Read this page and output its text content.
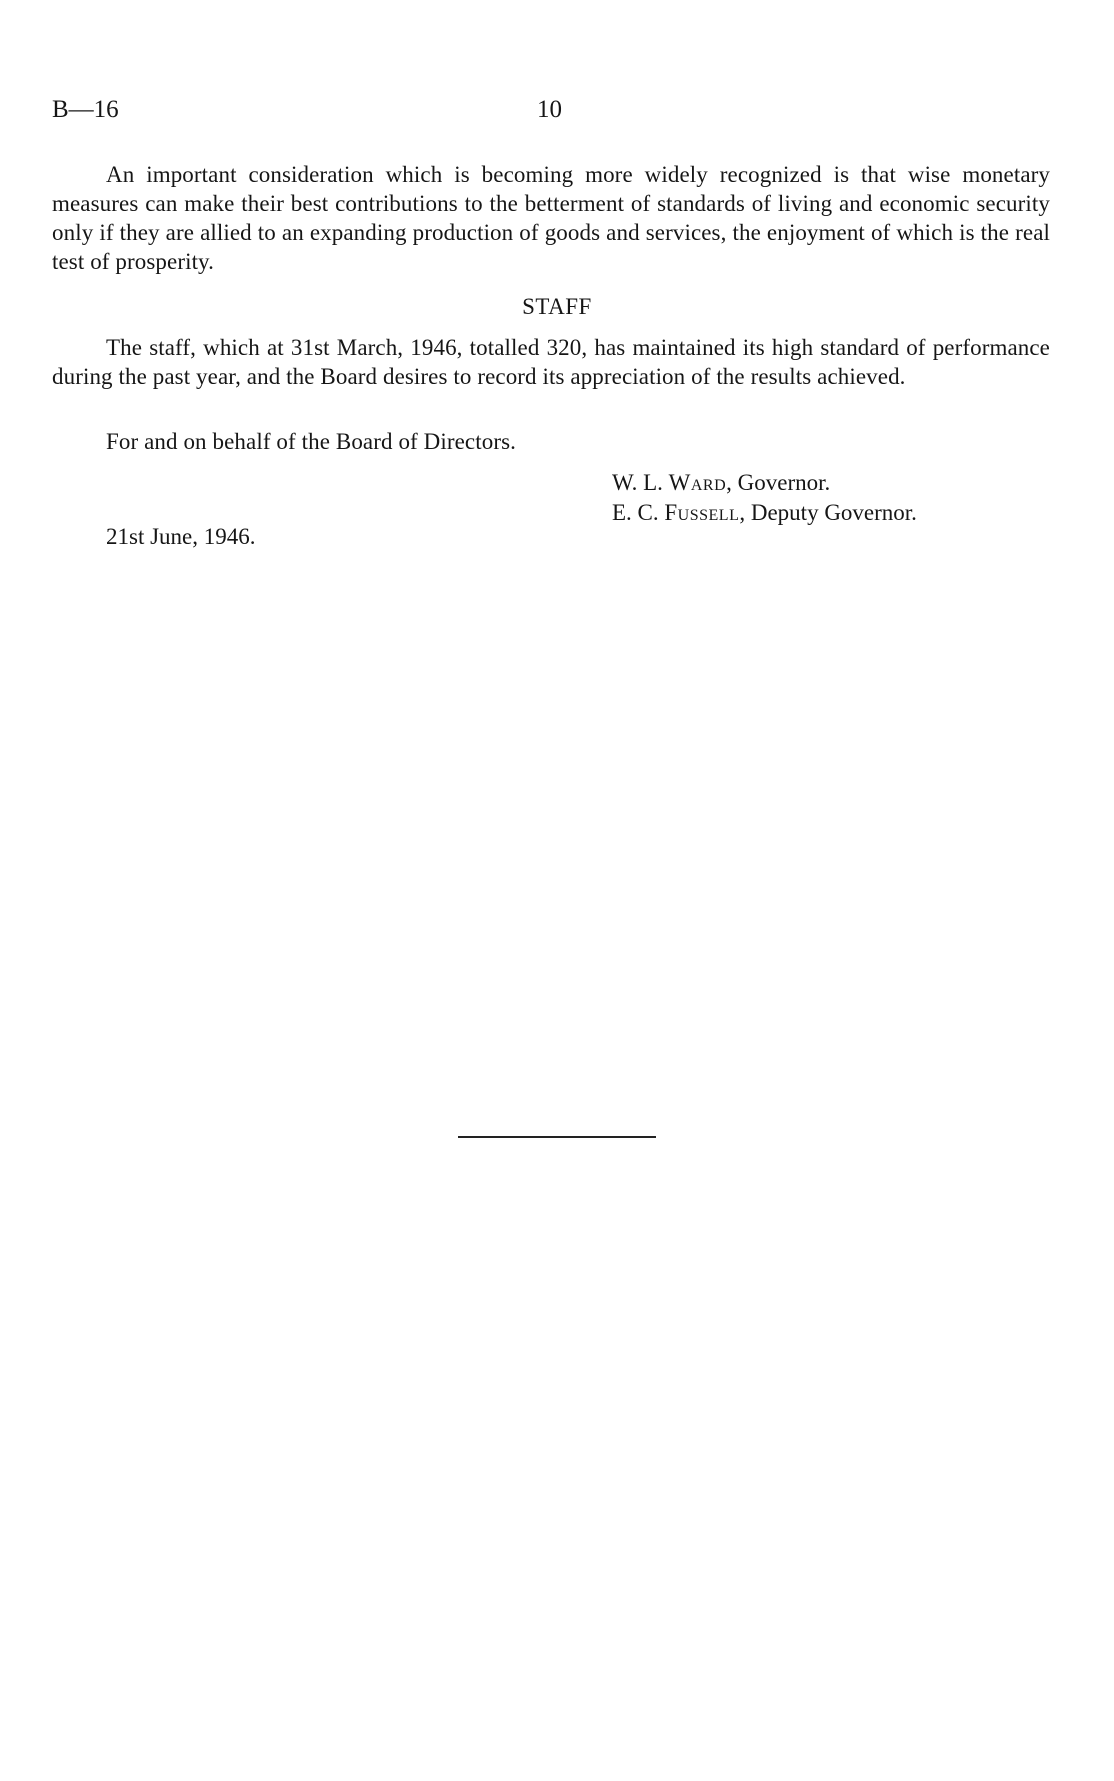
B—16	10

An important consideration which is becoming more widely recognized is that wise monetary measures can make their best contributions to the betterment of standards of living and economic security only if they are allied to an expanding production of goods and services, the enjoyment of which is the real test of prosperity.

STAFF

The staff, which at 31st March, 1946, totalled 320, has maintained its high standard of performance during the past year, and the Board desires to record its appreciation of the results achieved.

For and on behalf of the Board of Directors.

W. L. Ward, Governor.
E. C. Fussell, Deputy Governor.
21st June, 1946.
